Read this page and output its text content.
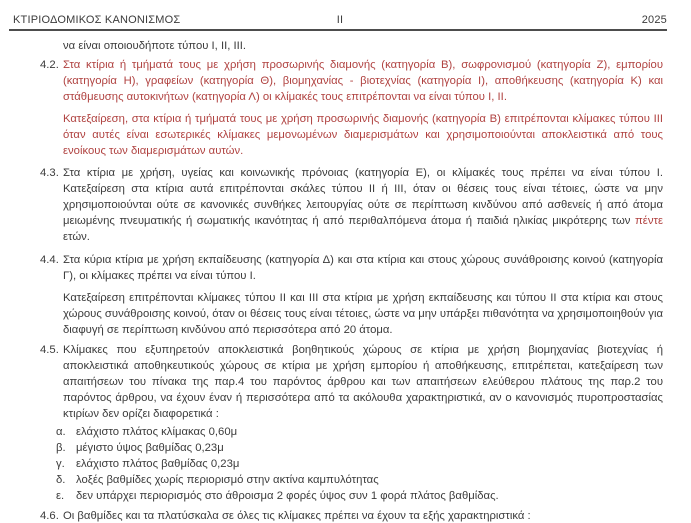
ΚΤΙΡΙΟΔΟΜΙΚΟΣ ΚΑΝΟΝΙΣΜΟΣ	II	2025
να είναι οποιουδήποτε τύπου Ι, ΙΙ, ΙΙΙ.
4.2. Στα κτίρια ή τμήματά τους με χρήση προσωρινής διαμονής (κατηγορία Β), σωφρονισμού (κατηγορία Ζ), εμπορίου (κατηγορία Η), γραφείων (κατηγορία Θ), βιομηχανίας - βιοτεχνίας (κατηγορία Ι), αποθήκευσης (κατηγορία Κ) και στάθμευσης αυτοκινήτων (κατηγορία Λ) οι κλίμακές τους επιτρέπονται να είναι τύπου Ι, ΙΙ.
Κατεξαίρεση, στα κτίρια ή τμήματά τους με χρήση προσωρινής διαμονής (κατηγορία Β) επιτρέπονται κλίμακες τύπου ΙΙΙ όταν αυτές είναι εσωτερικές κλίμακες μεμονωμένων διαμερισμάτων και χρησιμοποιούνται αποκλειστικά από τους ενοίκους των διαμερισμάτων αυτών.
4.3. Στα κτίρια με χρήση, υγείας και κοινωνικής πρόνοιας (κατηγορία Ε), οι κλίμακές τους πρέπει να είναι τύπου Ι. Κατεξαίρεση στα κτίρια αυτά επιτρέπονται σκάλες τύπου ΙΙ ή ΙΙΙ, όταν οι θέσεις τους είναι τέτοιες, ώστε να μην χρησιμοποιούνται ούτε σε κανονικές συνθήκες λειτουργίας ούτε σε περίπτωση κινδύνου από ασθενείς ή από άτομα μειωμένης πνευματικής ή σωματικής ικανότητας ή από περιθαλπόμενα άτομα ή παιδιά ηλικίας μικρότερης των πέντε ετών.
4.4. Στα κύρια κτίρια με χρήση εκπαίδευσης (κατηγορία Δ) και στα κτίρια και στους χώρους συνάθροισης κοινού (κατηγορία Γ), οι κλίμακες πρέπει να είναι τύπου Ι.
Κατεξαίρεση επιτρέπονται κλίμακες τύπου ΙΙ και ΙΙΙ στα κτίρια με χρήση εκπαίδευσης και τύπου ΙΙ στα κτίρια και στους χώρους συνάθροισης κοινού, όταν οι θέσεις τους είναι τέτοιες, ώστε να μην υπάρξει πιθανότητα να χρησιμοποιηθούν για διαφυγή σε περίπτωση κινδύνου από περισσότερα από 20 άτομα.
4.5. Κλίμακες που εξυπηρετούν αποκλειστικά βοηθητικούς χώρους σε κτίρια με χρήση βιομηχανίας βιοτεχνίας ή αποκλειστικά αποθηκευτικούς χώρους σε κτίρια με χρήση εμπορίου ή αποθήκευσης, επιτρέπεται, κατεξαίρεση των απαιτήσεων του πίνακα της παρ.4 του παρόντος άρθρου και των απαιτήσεων ελεύθερου πλάτους της παρ.2 του παρόντος άρθρου, να έχουν έναν ή περισσότερα από τα ακόλουθα χαρακτηριστικά, αν ο κανονισμός πυροπροστασίας κτιρίων δεν ορίζει διαφορετικά :
α. ελάχιστο πλάτος κλίμακας 0,60μ
β. μέγιστο ύψος βαθμίδας 0,23μ
γ. ελάχιστο πλάτος βαθμίδας 0,23μ
δ. λοξές βαθμίδες χωρίς περιορισμό στην ακτίνα καμπυλότητας
ε. δεν υπάρχει περιορισμός στο άθροισμα 2 φορές ύψος συν 1 φορά πλάτος βαθμίδας.
4.6. Οι βαθμίδες και τα πλατύσκαλα σε όλες τις κλίμακες πρέπει να έχουν τα εξής χαρακτηριστικά :
